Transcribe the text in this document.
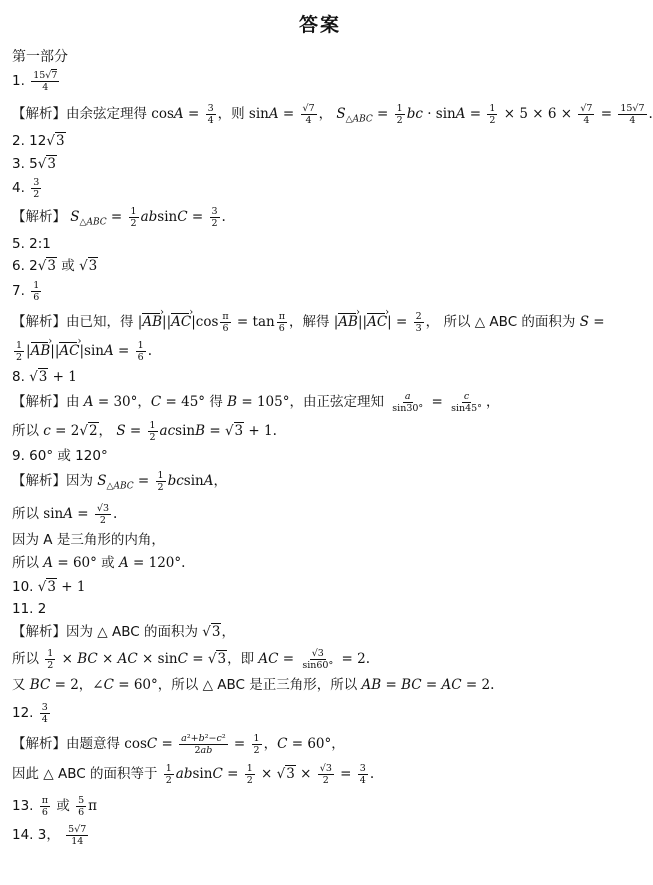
答案
第一部分
1. $\frac{15√7}{4}$
【解析】由余弦定理得 $\cos A = \frac{3}{4}$ ，则 $\sin A = \frac{√7}{4}$ ， $S_{\triangle ABC} = \frac{1}{2}$ bc · $\sin A = \frac{1}{2} \times 5 \times 6 \times \frac{√7}{4} = \frac{15√7}{4}$ .
2. 12√3
3. 5√3
4. $\frac{3}{2}$
【解析】 $S_{\triangle ABC} = \frac{1}{2}$ $absinC = \frac{3}{2}$ .
5. 2:1
6. 2√3 或 √3
7. $\frac{1}{6}$
【解析】由已知，得 |AB ›||AC ›|cos $\frac{\pi}{6} = \tan \frac{\pi}{6}$ ，解得 |AB ›||AC ›| = $\frac{2}{3}$ ， 所以 △ ABC 的面积为 S =
$\frac{1}{2} |AB$ ›||AC ›|sinA = $\frac{1}{6}$ .
8. √3 + 1
【解析】由 A = 30°，C = 45° 得 B = 105°，由正弦定理知 $\frac{a}{\sin 30^\circ} = \frac{c}{\sin 45^\circ}$ ，
所以 c = 2√2， $S = \frac{1}{2}$ acsinB = √3 + 1.
9. 60° 或 120°
【解析】因为 $S_{\triangle ABC} = \frac{1}{2}$ bcsinA，
所以 $\sin A = \frac{√3}{2}$ .
因为 A 是三角形的内角，
所以 A = 60° 或 A = 120°.
10. √3 + 1
11. 2
【解析】因为 △ ABC 的面积为 √3，
所以 $\frac{1}{2}$ × BC × AC × sinC = √3，即 AC = $\frac{√3}{\sin 60^\circ} = 2$.
又 BC = 2，∠C = 60°，所以 △ ABC 是正三角形，所以 AB = BC = AC = 2.
12. $\frac{3}{4}$
【解析】由题意得 $\cos C = \frac{\text{a²+b²−c²}}{2ab} = \frac{1}{2}$ ，C = 60°，
因此 △ ABC 的面积等于 $\frac{1}{2}$ $absinC = \frac{1}{2} \times √3 \times \frac{√3}{2} = \frac{3}{4}$ .
13. $\frac{\pi}{6}$ 或 $\frac{5}{6}$ π
14. 3， $\frac{5√7}{14}$
